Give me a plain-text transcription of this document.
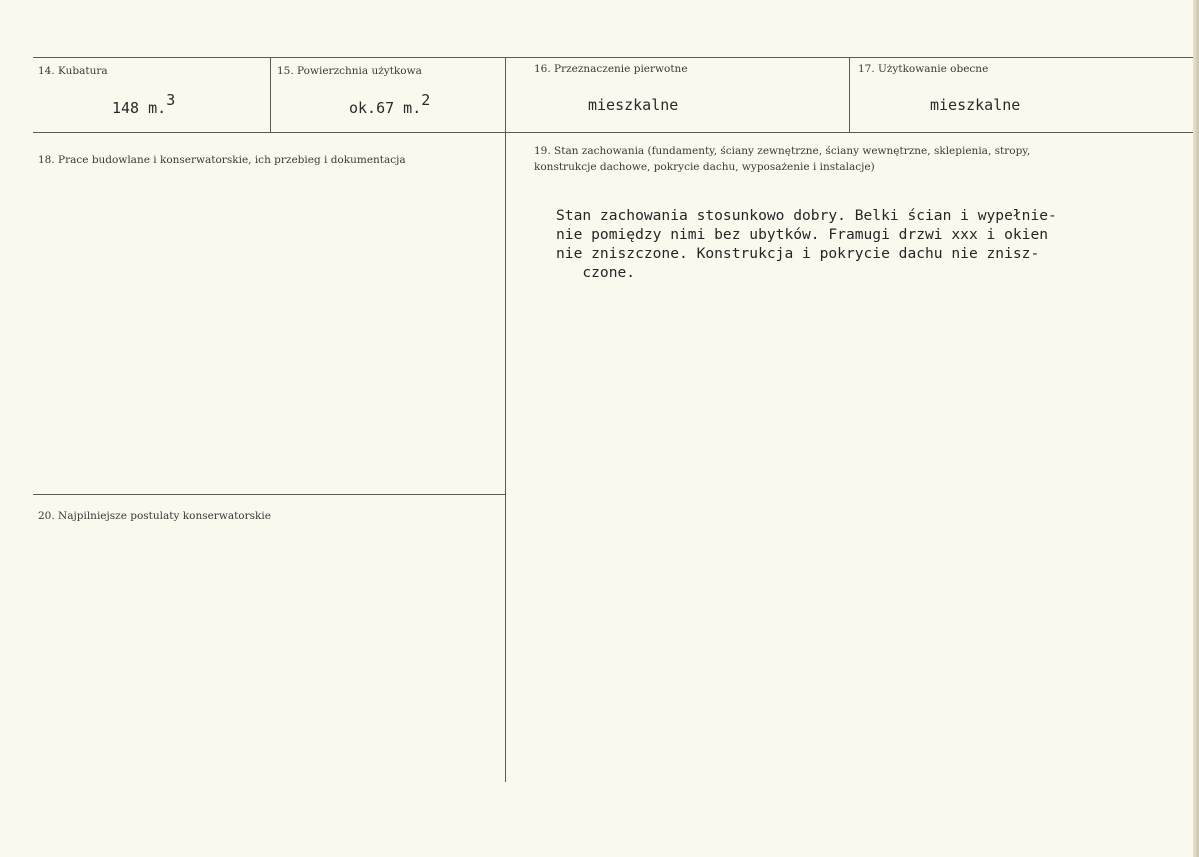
14. Kubatura
148 m.$^3$
15. Powierzchnia użytkowa
ok.67 m.$^2$
16. Przeznaczenie pierwotne
mieszkalne
17. Użytkowanie obecne
mieszkalne
18. Prace budowlane i konserwatorskie, ich przebieg i dokumentacja
19. Stan zachowania (fundamenty, ściany zewnętrzne, ściany wewnętrzne, sklepienia, stropy,
konstrukcje dachowe, pokrycie dachu, wyposażenie i instalacje)
Stan zachowania stosunkowo dobry. Belki ścian i wypełnie-
nie pomiędzy nimi bez ubytków. Framugi drzwi xxx i okien
nie zniszczone. Konstrukcja i pokrycie dachu nie znisz-
czone.
20. Najpilniejsze postulaty konserwatorskie
